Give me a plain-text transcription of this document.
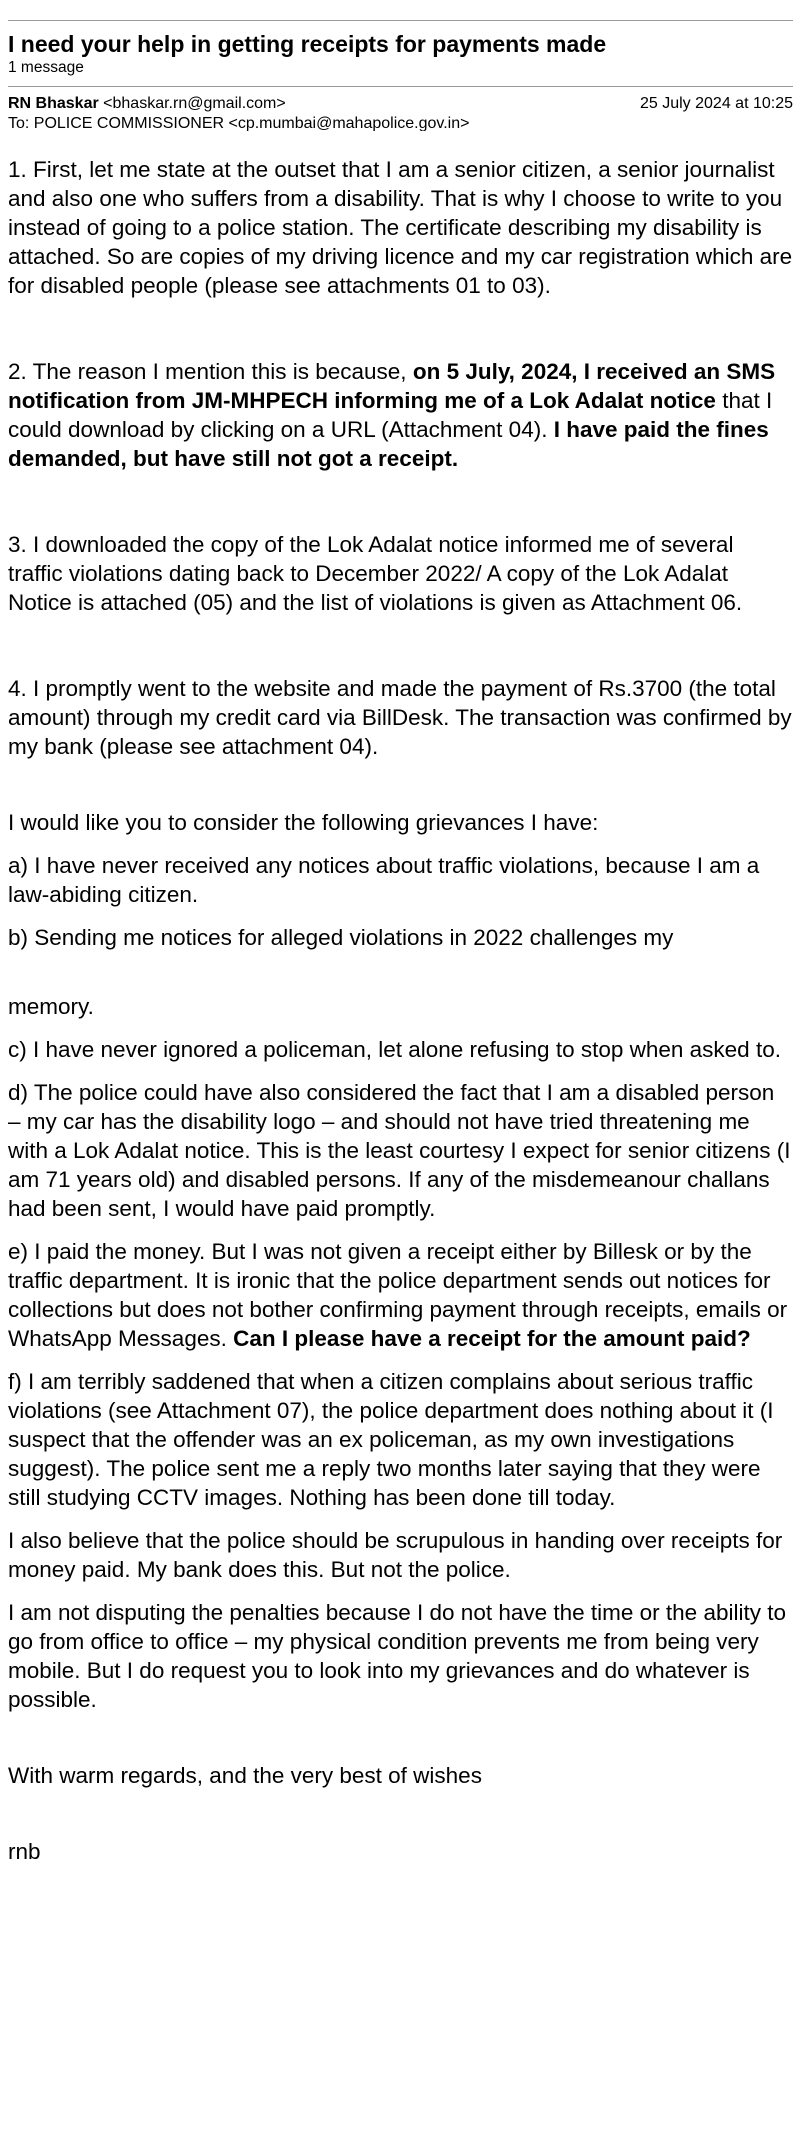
I need your help in getting receipts for payments made
1 message
RN Bhaskar <bhaskar.rn@gmail.com>	25 July 2024 at 10:25
To: POLICE COMMISSIONER <cp.mumbai@mahapolice.gov.in>

1. First, let me state at the outset that I am a senior citizen, a senior journalist and also one who suffers from a disability. That is why I choose to write to you instead of going to a police station. The certificate describing my disability is attached. So are copies of my driving licence and my car registration which are for disabled people (please see attachments 01 to 03).

2. The reason I mention this is because, on 5 July, 2024, I received an SMS notification from JM-MHPECH informing me of a Lok Adalat notice that I could download by clicking on a URL (Attachment 04). I have paid the fines demanded, but have still not got a receipt.

3. I downloaded the copy of the Lok Adalat notice informed me of several traffic violations dating back to December 2022/ A copy of the Lok Adalat Notice is attached (05) and the list of violations is given as Attachment 06.

4. I promptly went to the website and made the payment of Rs.3700 (the total amount) through my credit card via BillDesk. The transaction was confirmed by my bank (please see attachment 04).

I would like you to consider the following grievances I have:

a) I have never received any notices about traffic violations, because I am a law-abiding citizen.

b) Sending me notices for alleged violations in 2022 challenges my

memory.

c) I have never ignored a policeman, let alone refusing to stop when asked to.

d) The police could have also considered the fact that I am a disabled person – my car has the disability logo – and should not have tried threatening me with a Lok Adalat notice. This is the least courtesy I expect for senior citizens (I am 71 years old) and disabled persons. If any of the misdemeanour challans had been sent, I would have paid promptly.

e) I paid the money. But I was not given a receipt either by Billesk or by the traffic department. It is ironic that the police department sends out notices for collections but does not bother confirming payment through receipts, emails or WhatsApp Messages. Can I please have a receipt for the amount paid?

f) I am terribly saddened that when a citizen complains about serious traffic violations (see Attachment 07), the police department does nothing about it (I suspect that the offender was an ex policeman, as my own investigations suggest). The police sent me a reply two months later saying that they were still studying CCTV images. Nothing has been done till today.

I also believe that the police should be scrupulous in handing over receipts for money paid. My bank does this. But not the police.

I am not disputing the penalties because I do not have the time or the ability to go from office to office – my physical condition prevents me from being very mobile. But I do request you to look into my grievances and do whatever is possible.

With warm regards, and the very best of wishes

rnb
